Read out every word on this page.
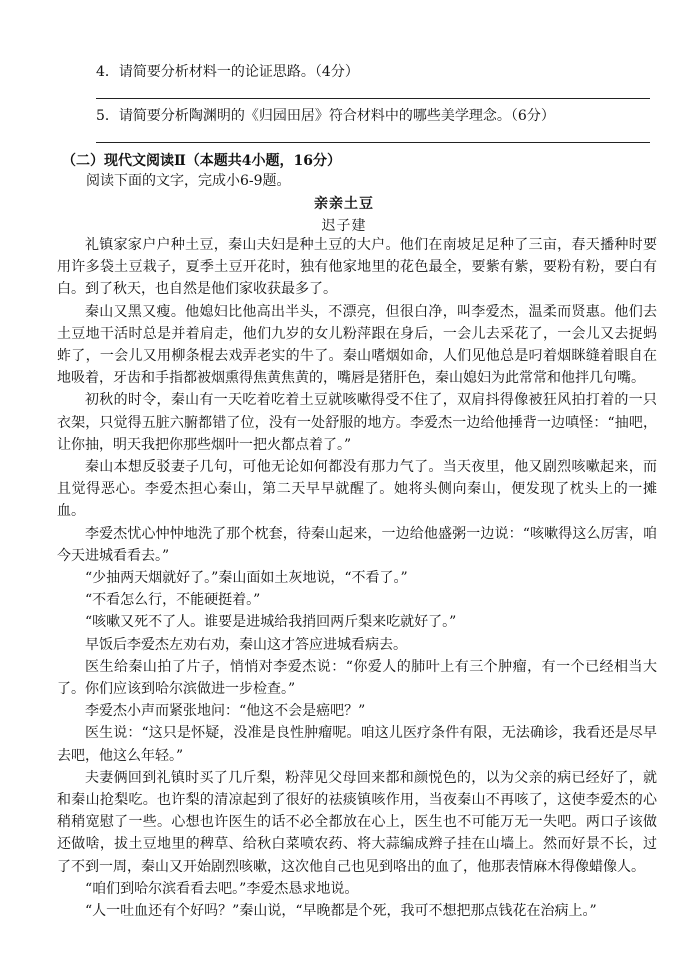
4．请简要分析材料一的论证思路。（4分）
5．请简要分析陶渊明的《归园田居》符合材料中的哪些美学理念。（6分）
（二）现代文阅读Ⅱ（本题共4小题，16分）
阅读下面的文字，完成小6-9题。
亲亲土豆
迟子建

礼镇家家户户种土豆，秦山夫妇是种土豆的大户。他们在南坡足足种了三亩，春天播种时要用许多袋土豆栽子，夏季土豆开花时，独有他家地里的花色最全，要紫有紫，要粉有粉，要白有白。到了秋天，也自然是他们家收获最多了。

秦山又黑又瘦。他媳妇比他高出半头，不漂亮，但很白净，叫李爱杰，温柔而贤惠。他们去土豆地干活时总是并着肩走，他们九岁的女儿粉萍跟在身后，一会儿去采花了，一会儿又去捉蚂蚱了，一会儿又用柳条棍去戏弄老实的牛了。秦山嗜烟如命，人们见他总是叼着烟眯缝着眼自在地吸着，牙齿和手指都被烟熏得焦黄焦黄的，嘴唇是猪肝色，秦山媳妇为此常常和他拌几句嘴。

初秋的时令，秦山有一天吃着吃着土豆就咳嗽得受不住了，双肩抖得像被狂风拍打着的一只衣架，只觉得五脏六腑都错了位，没有一处舒服的地方。李爱杰一边给他捶背一边嗔怪：“抽吧，让你抽，明天我把你那些烟叶一把火都点着了。”

秦山本想反驳妻子几句，可他无论如何都没有那力气了。当天夜里，他又剧烈咳嗽起来，而且觉得恶心。李爱杰担心秦山，第二天早早就醒了。她将头侧向秦山，便发现了枕头上的一摊血。

李爱杰忧心忡忡地洗了那个枕套，待秦山起来，一边给他盛粥一边说：“咳嗽得这么厉害，咱今天进城看看去。”

“少抽两天烟就好了。”秦山面如土灰地说，“不看了。”

“不看怎么行，不能硬挺着。”

“咳嗽又死不了人。谁要是进城给我捎回两斤梨来吃就好了。”

早饭后李爱杰左劝右劝，秦山这才答应进城看病去。

医生给秦山拍了片子，悄悄对李爱杰说：“你爱人的肺叶上有三个肿瘤，有一个已经相当大了。你们应该到哈尔滨做进一步检查。”

李爱杰小声而紧张地问：“他这不会是癌吧？”

医生说：“这只是怀疑，没准是良性肿瘤呢。咱这儿医疗条件有限，无法确诊，我看还是尽早去吧，他这么年轻。”

夫妻俩回到礼镇时买了几斤梨，粉萍见父母回来都和颜悦色的，以为父亲的病已经好了，就和秦山抢梨吃。也许梨的清凉起到了很好的祛痰镇咳作用，当夜秦山不再咳了，这使李爱杰的心稍稍宽慰了一些。心想也许医生的话不必全都放在心上，医生也不可能万无一失吧。两口子该做还做啥，拔土豆地里的稗草、给秋白菜喷农药、将大蒜编成辫子挂在山墙上。然而好景不长，过了不到一周，秦山又开始剧烈咳嗽，这次他自己也见到咯出的血了，他那表情麻木得像蜡像人。

“咱们到哈尔滨看看去吧。”李爱杰恳求地说。

“人一吐血还有个好吗？”秦山说，“早晚都是个死，我可不想把那点钱花在治病上。”
